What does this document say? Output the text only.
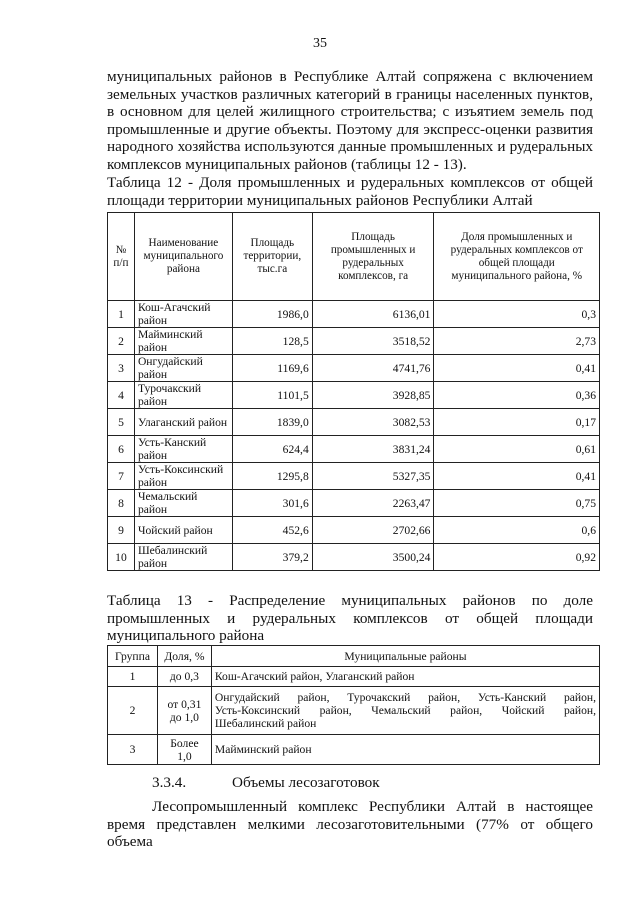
35

муниципальных районов в Республике Алтай сопряжена с включением

земельных участков различных категорий в границы населенных пунктов,

в основном для целей жилищного строительства; с изъятием земель под

промышленные и другие объекты. Поэтому для экспресс-оценки развития

народного хозяйства используются данные промышленных и рудеральных

комплексов муниципальных районов (таблицы 12 - 13).

Таблица 12 - Доля промышленных и рудеральных комплексов от общей

площади территории муниципальных районов Республики Алтай

№ п/п	Наименование муниципального района	Площадь территории, тыс.га	Площадь промышленных и рудеральных комплексов, га	Доля промышленных и рудеральных комплексов от общей площади муниципального района, %
1	Кош-Агачский район	1986,0	6136,01	0,3
2	Майминский район	128,5	3518,52	2,73
3	Онгудайский район	1169,6	4741,76	0,41
4	Турочакский район	1101,5	3928,85	0,36
5	Улаганский район	1839,0	3082,53	0,17
6	Усть-Канский район	624,4	3831,24	0,61
7	Усть-Коксинский район	1295,8	5327,35	0,41
8	Чемальский район	301,6	2263,47	0,75
9	Чойский район	452,6	2702,66	0,6
10	Шебалинский район	379,2	3500,24	0,92

Таблица 13 - Распределение муниципальных районов по доле

промышленных и рудеральных комплексов от общей площади

муниципального района

Группа	Доля, %	Муниципальные районы
1	до 0,3	Кош-Агачский район, Улаганский район
2	от 0,31
до 1,0	Онгудайский район, Турочакский район, Усть-Канский район,
Усть-Коксинский район, Чемальский район, Чойский район,
Шебалинский район

3	Более
1,0	Майминский район
3.3.4.	Объемы лесозаготовок

Лесопромышленный комплекс Республики Алтай в настоящее

время представлен мелкими лесозаготовительными (77% от общего объема
